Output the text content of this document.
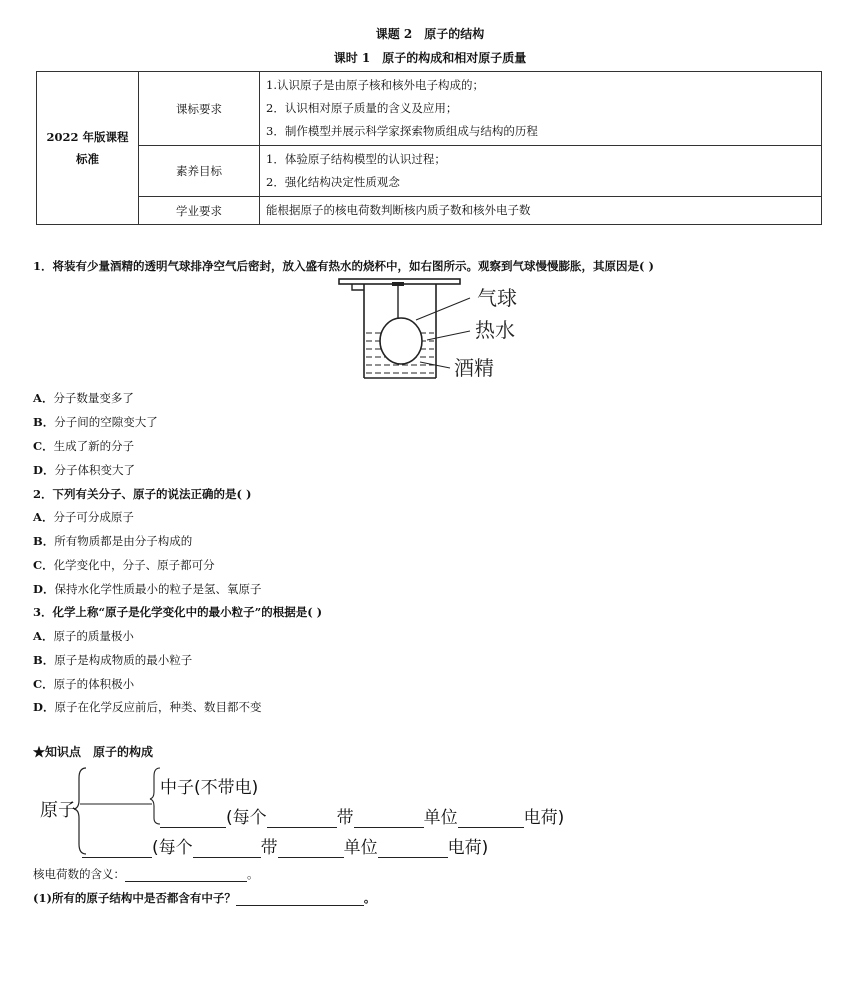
课题 2　原子的结构
课时 1　原子的构成和相对原子质量
2022 年版课程标准	课标要求	1.认识原子是由原子核和核外电子构成的；
2．认识相对原子质量的含义及应用；
3．制作模型并展示科学家探索物质组成与结构的历程

	素养目标	1．体验原子结构模型的认识过程；
2．强化结构决定性质观念

	学业要求	能根据原子的核电荷数判断核内质子数和核外电子数
1．将装有少量酒精的透明气球排净空气后密封，放入盛有热水的烧杯中，如右图所示。观察到气球慢慢膨胀，其原因是( )
气球
热水
酒精
A．分子数量变多了
B．分子间的空隙变大了
C．生成了新的分子
D．分子体积变大了
2．下列有关分子、原子的说法正确的是( )
A．分子可分成原子
B．所有物质都是由分子构成的
C．化学变化中，分子、原子都可分
D．保持水化学性质最小的粒子是氢、氧原子
3．化学上称“原子是化学变化中的最小粒子”的根据是( )
A．原子的质量极小
B．原子是构成物质的最小粒子
C．原子的体积极小
D．原子在化学反应前后，种类、数目都不变
★知识点　原子的构成
原子
中子(不带电)
(每个	带	单位	电荷)
(每个	带	单位	电荷)
核电荷数的含义：	。
(1)所有的原子结构中是否都含有中子？	。
